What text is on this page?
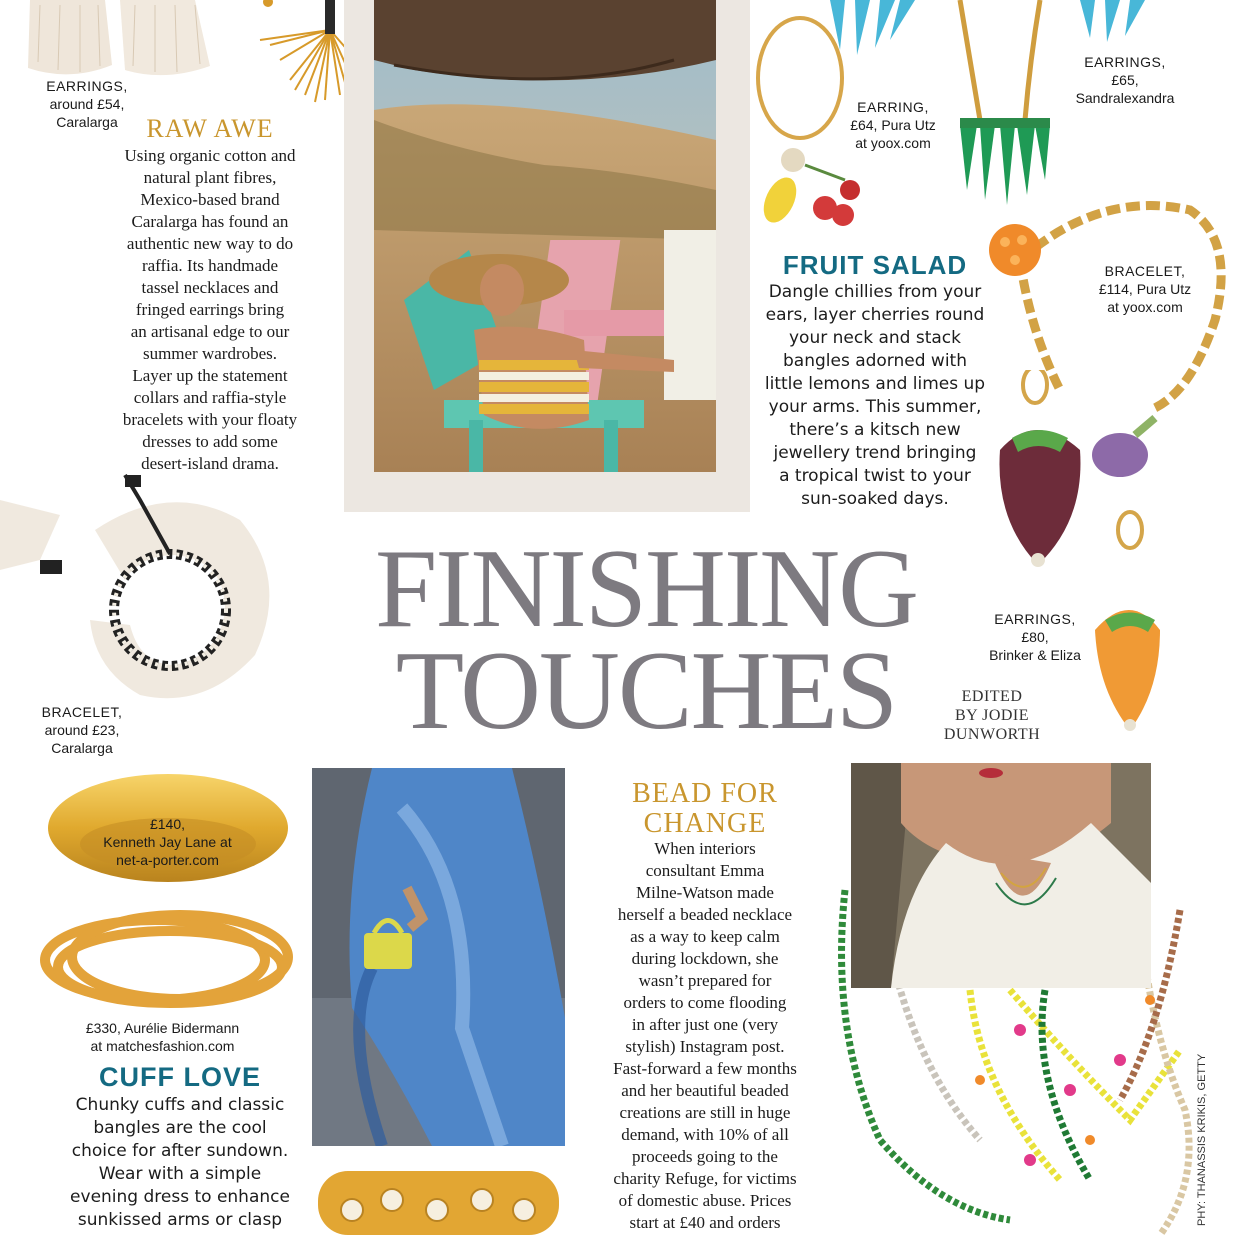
EARRINGS,
around £54,
Caralarga	RAW AWE
Using organic cotton and
natural plant fibres,
Mexico-based brand
Caralarga has found an
authentic new way to do
raffia. Its handmade
tassel necklaces and
fringed earrings bring
an artisanal edge to our
summer wardrobes.
Layer up the statement
collars and raffia-style
bracelets with your floaty
dresses to add some
desert-island drama.
EARRING,
£64, Pura Utz
at yoox.com
EARRINGS,
£65,
Sandralexandra
FRUIT SALAD
Dangle chillies from your
ears, layer cherries round
your neck and stack
bangles adorned with
little lemons and limes up
your arms. This summer,
there’s a kitsch new
jewellery trend bringing
a tropical twist to your
sun-soaked days.
BRACELET,
£114, Pura Utz
at yoox.com
EARRINGS,
£80,
Brinker & Eliza
FINISHING
TOUCHES	EDITED
BY JODIE
DUNWORTH
BRACELET,
around £23,
Caralarga
£140,
Kenneth Jay Lane at
net-a-porter.com
£330, Aurélie Bidermann
at matchesfashion.com
CUFF LOVE
Chunky cuffs and classic
bangles are the cool
choice for after sundown.
Wear with a simple
evening dress to enhance
sunkissed arms or clasp
BEAD FOR
CHANGE
When interiors
consultant Emma
Milne-Watson made
herself a beaded necklace
as a way to keep calm
during lockdown, she
wasn’t prepared for
orders to come flooding
in after just one (very
stylish) Instagram post.
Fast-forward a few months
and her beautiful beaded
creations are still in huge
demand, with 10% of all
proceeds going to the
charity Refuge, for victims
of domestic abuse. Prices
start at £40 and orders	PHY: THANASSIS KRIKIS, GETTY
